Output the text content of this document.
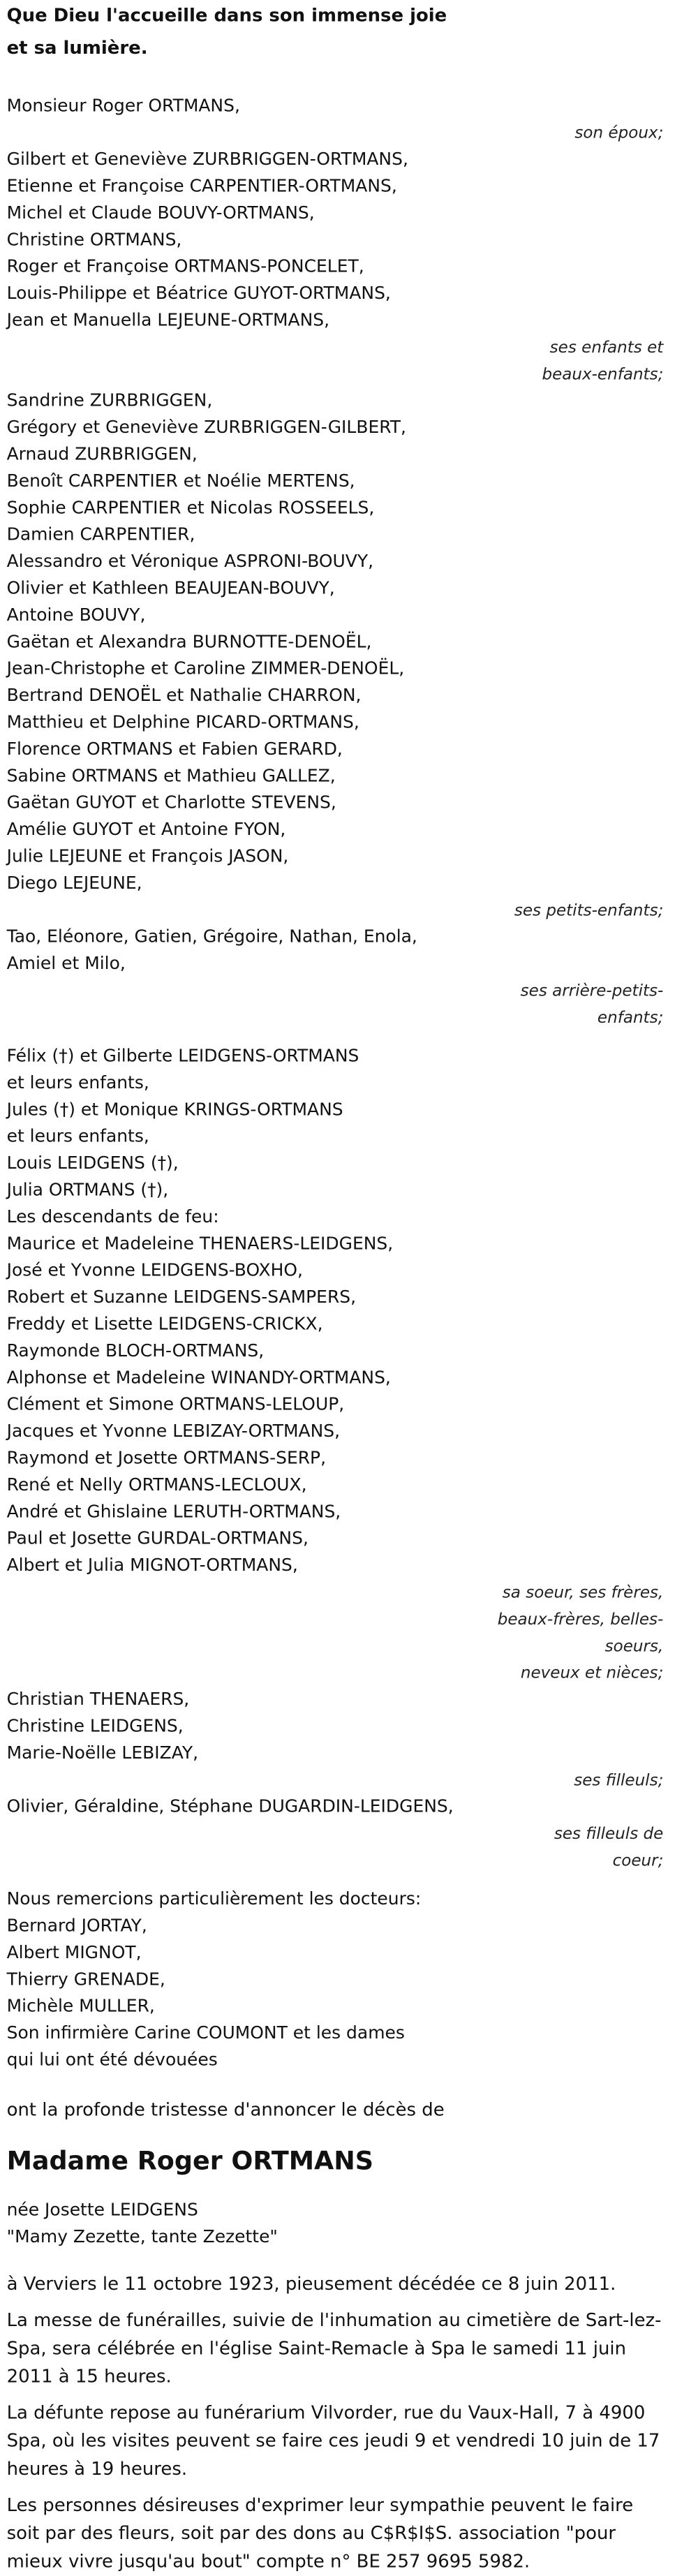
Que Dieu l'accueille dans son immense joie
et sa lumière.
Monsieur Roger ORTMANS,
son époux;
Gilbert et Geneviève ZURBRIGGEN-ORTMANS,
Etienne et Françoise CARPENTIER-ORTMANS,
Michel et Claude BOUVY-ORTMANS,
Christine ORTMANS,
Roger et Françoise ORTMANS-PONCELET,
Louis-Philippe et Béatrice GUYOT-ORTMANS,
Jean et Manuella LEJEUNE-ORTMANS,
ses enfants et
beaux-enfants;
Sandrine ZURBRIGGEN,
Grégory et Geneviève ZURBRIGGEN-GILBERT,
Arnaud ZURBRIGGEN,
Benoît CARPENTIER et Noélie MERTENS,
Sophie CARPENTIER et Nicolas ROSSEELS,
Damien CARPENTIER,
Alessandro et Véronique ASPRONI-BOUVY,
Olivier et Kathleen BEAUJEAN-BOUVY,
Antoine BOUVY,
Gaëtan et Alexandra BURNOTTE-DENOËL,
Jean-Christophe et Caroline ZIMMER-DENOËL,
Bertrand DENOËL et Nathalie CHARRON,
Matthieu et Delphine PICARD-ORTMANS,
Florence ORTMANS et Fabien GERARD,
Sabine ORTMANS et Mathieu GALLEZ,
Gaëtan GUYOT et Charlotte STEVENS,
Amélie GUYOT et Antoine FYON,
Julie LEJEUNE et François JASON,
Diego LEJEUNE,
ses petits-enfants;
Tao, Eléonore, Gatien, Grégoire, Nathan, Enola,
Amiel et Milo,
ses arrière-petits-
enfants;
Félix (†) et Gilberte LEIDGENS-ORTMANS
et leurs enfants,
Jules (†) et Monique KRINGS-ORTMANS
et leurs enfants,
Louis LEIDGENS (†),
Julia ORTMANS (†),
Les descendants de feu:
Maurice et Madeleine THENAERS-LEIDGENS,
José et Yvonne LEIDGENS-BOXHO,
Robert et Suzanne LEIDGENS-SAMPERS,
Freddy et Lisette LEIDGENS-CRICKX,
Raymonde BLOCH-ORTMANS,
Alphonse et Madeleine WINANDY-ORTMANS,
Clément et Simone ORTMANS-LELOUP,
Jacques et Yvonne LEBIZAY-ORTMANS,
Raymond et Josette ORTMANS-SERP,
René et Nelly ORTMANS-LECLOUX,
André et Ghislaine LERUTH-ORTMANS,
Paul et Josette GURDAL-ORTMANS,
Albert et Julia MIGNOT-ORTMANS,
sa soeur, ses frères,
beaux-frères, belles-
soeurs,
neveux et nièces;
Christian THENAERS,
Christine LEIDGENS,
Marie-Noëlle LEBIZAY,
ses filleuls;
Olivier, Géraldine, Stéphane DUGARDIN-LEIDGENS,
ses filleuls de
coeur;
Nous remercions particulièrement les docteurs:
Bernard JORTAY,
Albert MIGNOT,
Thierry GRENADE,
Michèle MULLER,
Son infirmière Carine COUMONT et les dames
qui lui ont été dévouées
ont la profonde tristesse d'annoncer le décès de
Madame Roger ORTMANS
née Josette LEIDGENS
"Mamy Zezette, tante Zezette"
à Verviers le 11 octobre 1923, pieusement décédée ce 8 juin 2011.
La messe de funérailles, suivie de l'inhumation au cimetière de Sart-lez-Spa, sera célébrée en l'église Saint-Remacle à Spa le samedi 11 juin 2011 à 15 heures.
La défunte repose au funérarium Vilvorder, rue du Vaux-Hall, 7 à 4900 Spa, où les visites peuvent se faire ces jeudi 9 et vendredi 10 juin de 17 heures à 19 heures.
Les personnes désireuses d'exprimer leur sympathie peuvent le faire soit par des fleurs, soit par des dons au C$R$I$S. association "pour mieux vivre jusqu'au bout" compte n° BE 257 9695 5982.
